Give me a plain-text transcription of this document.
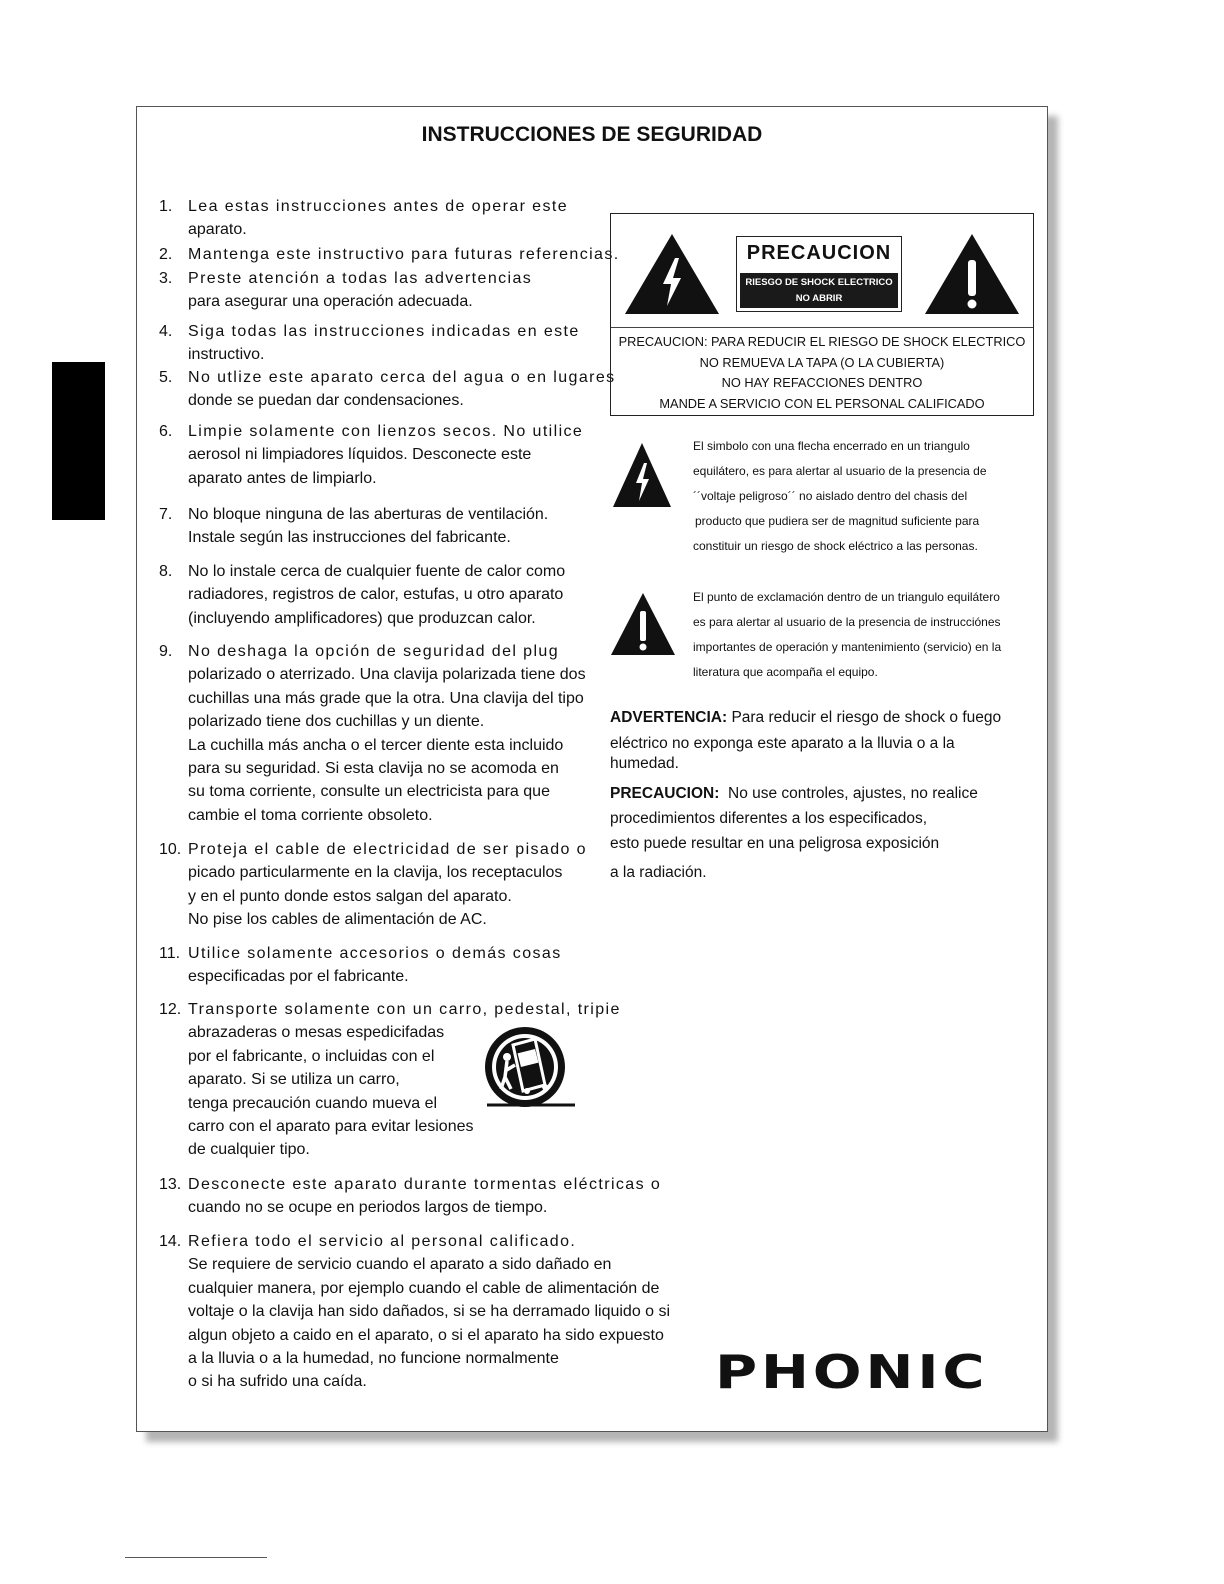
INSTRUCCIONES DE SEGURIDAD
1. Lea estas instrucciones antes de operar este
aparato.
2. Mantenga este instructivo para futuras referencias.
3. Preste atención a todas las advertencias
para asegurar una operación adecuada.
4. Siga todas las instrucciones indicadas en este
instructivo.
5. No utlize este aparato cerca del agua o en lugares
donde se puedan dar condensaciones.
6. Limpie solamente con lienzos secos. No utilice
aerosol ni limpiadores líquidos. Desconecte este
aparato antes de limpiarlo.
7. No bloque ninguna de las aberturas de ventilación.
Instale según las instrucciones del fabricante.
8. No lo instale cerca de cualquier fuente de calor como
radiadores, registros de calor, estufas, u otro aparato
(incluyendo amplificadores) que produzcan calor.
9. No deshaga la opción de seguridad del plug
polarizado o aterrizado. Una clavija polarizada tiene dos
cuchillas una más grade que la otra. Una clavija del tipo
polarizado tiene dos cuchillas y un diente.
La cuchilla más ancha o el tercer diente esta incluido
para su seguridad. Si esta clavija no se acomoda en
su toma corriente, consulte un electricista para que
cambie el toma corriente obsoleto.
10. Proteja el cable de electricidad de ser pisado o
picado particularmente en la clavija, los receptaculos
y en el punto donde estos salgan del aparato.
No pise los cables de alimentación de AC.
11. Utilice solamente accesorios o demás cosas
especificadas por el fabricante.
12. Transporte solamente con un carro, pedestal, tripie
abrazaderas o mesas espedicifadas
por el fabricante, o incluidas con el
aparato. Si se utiliza un carro,
tenga precaución cuando mueva el
carro con el aparato para evitar lesiones
de cualquier tipo.
13. Desconecte este aparato durante tormentas eléctricas o
cuando no se ocupe en periodos largos de tiempo.
14. Refiera todo el servicio al personal calificado.
Se requiere de servicio cuando el aparato a sido dañado en
cualquier manera, por ejemplo cuando el cable de alimentación de
voltaje o la clavija han sido dañados, si se ha derramado liquido o si
algun objeto a caido en el aparato, o si el aparato ha sido expuesto
a la lluvia o a la humedad, no funcione normalmente
o si ha sufrido una caída.
PRECAUCION
RIESGO DE SHOCK ELECTRICO
NO ABRIR
PRECAUCION: PARA REDUCIR EL RIESGO DE SHOCK ELECTRICO
NO REMUEVA LA TAPA (O LA CUBIERTA)
NO HAY REFACCIONES DENTRO
MANDE A SERVICIO CON EL PERSONAL CALIFICADO
El simbolo con una flecha encerrado en un triangulo
equilátero, es para alertar al usuario de la presencia de
´´voltaje peligroso´´ no aislado dentro del chasis del
producto que pudiera ser de magnitud suficiente para
constituir un riesgo de shock eléctrico a las personas.
El punto de exclamación dentro de un triangulo equilátero
es para alertar al usuario de la presencia de instrucciónes
importantes de operación y mantenimiento (servicio) en la
literatura que acompaña el equipo.
ADVERTENCIA: Para reducir el riesgo de shock o fuego
eléctrico no exponga este aparato a la lluvia o a la
humedad.
PRECAUCION: No use controles, ajustes, no realice
procedimientos diferentes a los especificados,
esto puede resultar en una peligrosa exposición
a la radiación.
PHONIC
